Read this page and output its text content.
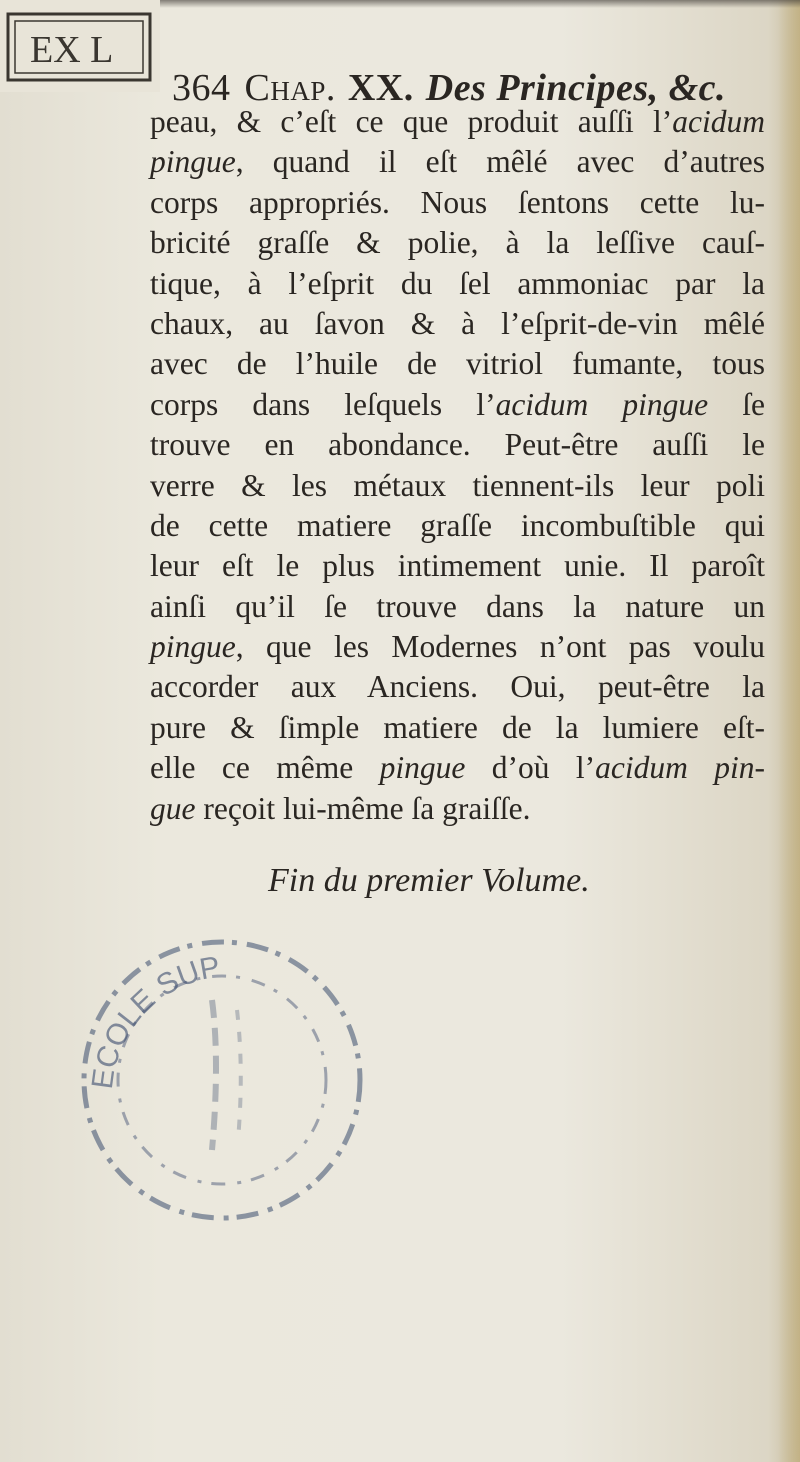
EX L
364 Chap. XX. Des Principes, &c.
peau, & c’eſt ce que produit auſſi l’acidum
pingue, quand il eſt mêlé avec d’autres
corps appropriés. Nous ſentons cette lu-
bricité graſſe & polie, à la leſſive cauſ-
tique, à l’eſprit du ſel ammoniac par la
chaux, au ſavon & à l’eſprit-de-vin mêlé
avec de l’huile de vitriol fumante, tous
corps dans leſquels l’acidum pingue ſe
trouve en abondance. Peut-être auſſi le
verre & les métaux tiennent-ils leur poli
de cette matiere graſſe incombuſtible qui
leur eſt le plus intimement unie. Il paroît
ainſi qu’il ſe trouve dans la nature un
pingue, que les Modernes n’ont pas voulu
accorder aux Anciens. Oui, peut-être la
pure & ſimple matiere de la lumiere eſt-
elle ce même pingue d’où l’acidum pin-
gue reçoit lui-même ſa graiſſe.
Fin du premier Volume.
ECOLE SUP
